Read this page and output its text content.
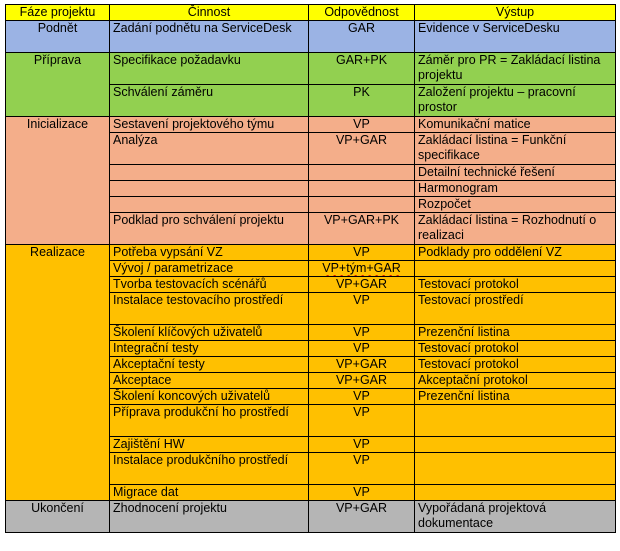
Fáze projektu	Činnost	Odpovědnost	Výstup
Podnět	Zadání podnětu na ServiceDesk	GAR	Evidence v ServiceDesku
Příprava	Specifikace požadavku	GAR+PK	Záměr pro PR = Zakládací listina projektu
	Schválení záměru	PK	Založení projektu – pracovní prostor
Inicializace	Sestavení projektového týmu	VP	Komunikační matice
	Analýza	VP+GAR	Zakládací listina = Funkční specifikace
			Detailní technické řešení
			Harmonogram
			Rozpočet
	Podklad pro schválení projektu	VP+GAR+PK	Zakládací listina = Rozhodnutí o realizaci
Realizace	Potřeba vypsání VZ	VP	Podklady pro oddělení VZ
	Vývoj / parametrizace	VP+tým+GAR	
	Tvorba testovacích scénářů	VP+GAR	Testovací protokol
	Instalace testovacího prostředí	VP	Testovací prostředí
	Školení klíčových uživatelů	VP	Prezenční listina
	Integrační testy	VP	Testovací protokol
	Akceptační testy	VP+GAR	Testovací protokol
	Akceptace	VP+GAR	Akceptační protokol
	Školení koncových uživatelů	VP	Prezenční listina
	Příprava produkční ho prostředí	VP	
	Zajištění HW	VP	
	Instalace produkčního prostředí	VP	
	Migrace dat	VP	
Ukončení	Zhodnocení projektu	VP+GAR	Vypořádaná projektová dokumentace
